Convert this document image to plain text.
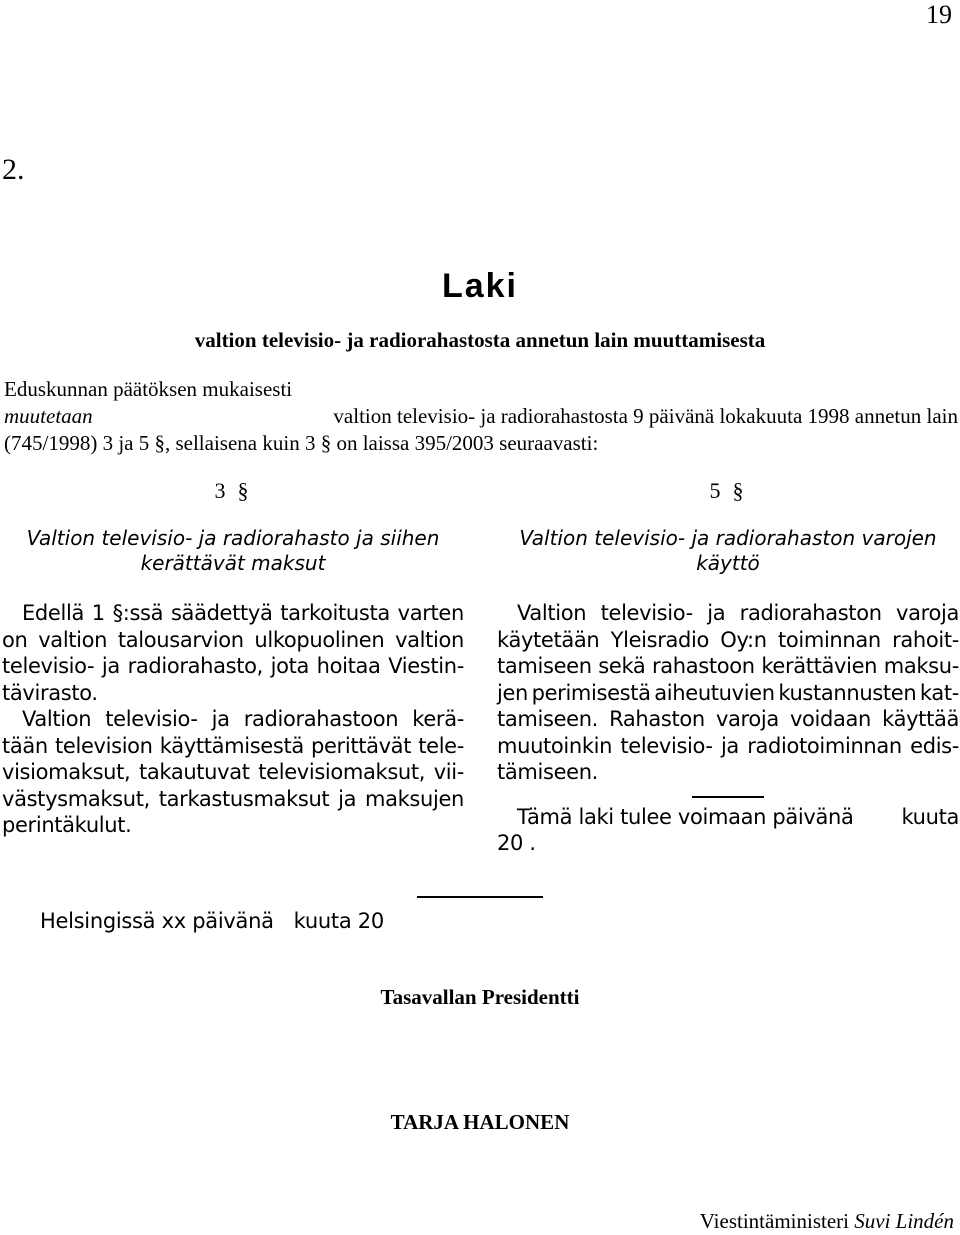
19
2.
Laki
valtion televisio- ja radiorahastosta annetun lain muuttamisesta
Eduskunnan päätöksen mukaisesti
muutetaan	valtion televisio- ja radiorahastosta 9 päivänä lokakuuta 1998 annetun lain
(745/1998) 3 ja 5 §, sellaisena kuin 3 § on laissa 395/2003 seuraavasti:
3 §
Valtion televisio- ja radiorahasto ja siihen
kerättävät maksut
Edellä 1 §:ssä säädettyä tarkoitusta varten
on valtion talousarvion ulkopuolinen valtion
televisio- ja radiorahasto, jota hoitaa Viestin-
tävirasto.
Valtion televisio- ja radiorahastoon kerä-
tään television käyttämisestä perittävät tele-
visiomaksut, takautuvat televisiomaksut, vii-
västysmaksut, tarkastusmaksut ja maksujen
perintäkulut.
5 §
Valtion televisio- ja radiorahaston varojen
käyttö
Valtion televisio- ja radiorahaston varoja
käytetään Yleisradio Oy:n toiminnan rahoit-
tamiseen sekä rahastoon kerättävien maksu-
jen perimisestä aiheutuvien kustannusten kat-
tamiseen. Rahaston varoja voidaan käyttää
muutoinkin televisio- ja radiotoiminnan edis-
tämiseen.
Tämä laki tulee voimaan päivänä kuuta
20 .
Helsingissä xx päivänä kuuta 20
Tasavallan Presidentti
TARJA HALONEN
Viestintäministeri Suvi Lindén
